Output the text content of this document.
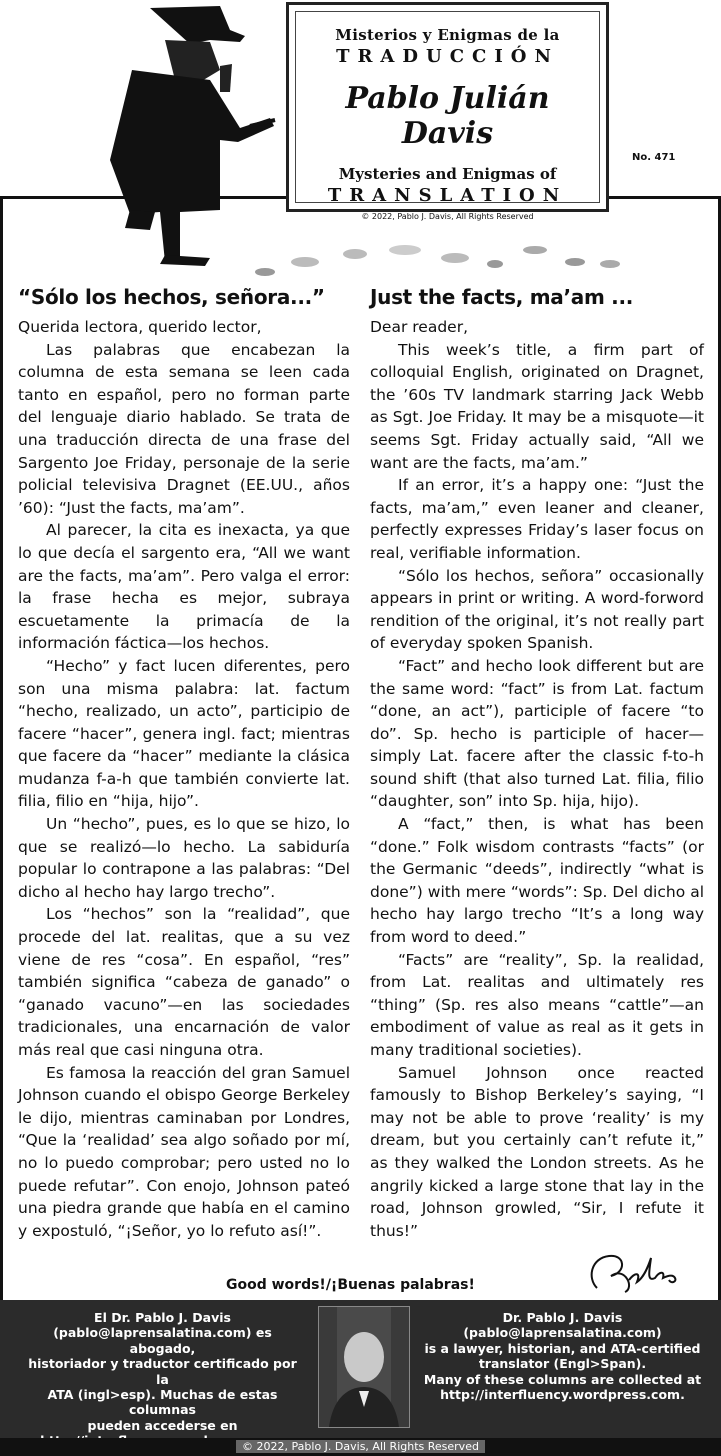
Misterios y Enigmas de la
TRADUCCIÓN
Pablo Julián Davis
Mysteries and Enigmas of
TRANSLATION
© 2022, Pablo J. Davis, All Rights Reserved
No. 471
“Sólo los hechos, señora...” Just the facts, ma’am ...

Querida lectora, querido lector,

Las palabras que encabezan la columna de esta semana se leen cada tanto en español, pero no forman parte del lenguaje diario hablado. Se trata de una traducción directa de una frase del Sargento Joe Friday, personaje de la serie policial televisiva Dragnet (EE.UU., años ’60): “Just the facts, ma’am”.

Al parecer, la cita es inexacta, ya que lo que decía el sargento era, “All we want are the facts, ma’am”. Pero valga el error: la frase hecha es mejor, subraya escuetamente la primacía de la información fáctica—los hechos.

“Hecho” y fact lucen diferentes, pero son una misma palabra: lat. factum “hecho, realizado, un acto”, participio de facere “hacer”, genera ingl. fact; mientras que facere da “hacer” mediante la clásica mudanza f-a-h que también convierte lat. filia, filio en “hija, hijo”.

Un “hecho”, pues, es lo que se hizo, lo que se realizó—lo hecho. La sabiduría popular lo contrapone a las palabras: “Del dicho al hecho hay largo trecho”.

Los “hechos” son la “realidad”, que procede del lat. realitas, que a su vez viene de res “cosa”. En español, “res” también significa “cabeza de ganado” o “ganado vacuno”—en las sociedades tradicionales, una encarnación de valor más real que casi ninguna otra.

Es famosa la reacción del gran Samuel Johnson cuando el obispo George Berkeley le dijo, mientras caminaban por Londres, “Que la ‘realidad’ sea algo soñado por mí, no lo puedo comprobar; pero usted no lo puede refutar”. Con enojo, Johnson pateó una piedra grande que había en el camino y expostuló, “¡Señor, yo lo refuto así!”.

Dear reader,

This week’s title, a firm part of colloquial English, originated on Dragnet, the ’60s TV landmark starring Jack Webb as Sgt. Joe Friday. It may be a misquote—it seems Sgt. Friday actually said, “All we want are the facts, ma’am.”

If an error, it’s a happy one: “Just the facts, ma’am,” even leaner and cleaner, perfectly expresses Friday’s laser focus on real, verifiable information.

“Sólo los hechos, señora” occasionally appears in print or writing. A word-forword rendition of the original, it’s not really part of everyday spoken Spanish.

“Fact” and hecho look different but are the same word: “fact” is from Lat. factum “done, an act”), participle of facere “to do”. Sp. hecho is participle of hacer—simply Lat. facere after the classic f-to-h sound shift (that also turned Lat. filia, filio “daughter, son” into Sp. hija, hijo).

A “fact,” then, is what has been “done.” Folk wisdom contrasts “facts” (or the Germanic “deeds”, indirectly “what is done”) with mere “words”: Sp. Del dicho al hecho hay largo trecho “It’s a long way from word to deed.”

“Facts” are “reality”, Sp. la realidad, from Lat. realitas and ultimately res “thing” (Sp. res also means “cattle”—an embodiment of value as real as it gets in many traditional societies).

Samuel Johnson once reacted famously to Bishop Berkeley’s saying, “I may not be able to prove ‘reality’ is my dream, but you certainly can’t refute it,” as they walked the London streets. As he angrily kicked a large stone that lay in the road, Johnson growled, “Sir, I refute it thus!”

Good words!/¡Buenas palabras!
El Dr. Pablo J. Davis
(pablo@laprensalatina.com) es abogado,
historiador y traductor certificado por la
ATA (ingl>esp). Muchas de estas columnas
pueden accederse en
Dr. Pablo J. Davis
(pablo@laprensalatina.com)
is a lawyer, historian, and ATA-certified
translator (Engl>Span).
Many of these columns are collected at
http://interfluency.wordpress.com.
© 2022, Pablo J. Davis, All Rights Reserved
